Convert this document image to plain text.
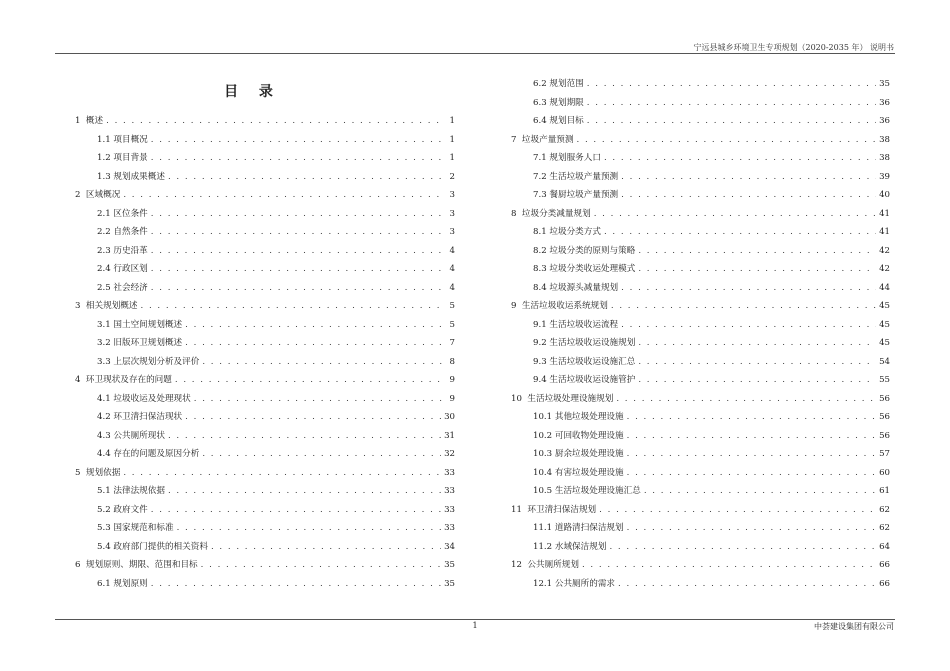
宁远县城乡环境卫生专项规划（2020-2035 年） 说明书
目 录
1  概述 . . .	1
1.1 项目概况 . . .	1
1.2 项目背景 . . .	1
1.3 规划成果概述 . . .	2
2  区域概况 . . .	3
2.1 区位条件 . . .	3
2.2 自然条件 . . .	3
2.3 历史沿革 . . .	4
2.4 行政区划 . . .	4
2.5 社会经济 . . .	4
3  相关规划概述 . . .	5
3.1 国土空间规划概述 . . .	5
3.2 旧版环卫规划概述 . . .	7
3.3 上层次规划分析及评价 . . .	8
4  环卫现状及存在的问题 . . .	9
4.1 垃圾收运及处理现状 . . .	9
4.2 环卫清扫保洁现状 . . .	30
4.3 公共厕所现状 . . .	31
4.4 存在的问题及原因分析 . . .	32
5  规划依据 . . .	33
5.1 法律法规依据 . . .	33
5.2 政府文件 . . .	33
5.3 国家规范和标准 . . .	33
5.4 政府部门提供的相关资料 . . .	34
6  规划原则、期限、范围和目标 . . .	35
6.1 规划原则 . . .	35
6.2 规划范围 . . .	35
6.3 规划期限 . . .	36
6.4 规划目标 . . .	36
7  垃圾产量预测 . . .	38
7.1 规划服务人口 . . .	38
7.2 生活垃圾产量预测 . . .	39
7.3 餐厨垃圾产量预测 . . .	40
8  垃圾分类减量规划 . . .	41
8.1 垃圾分类方式 . . .	41
8.2 垃圾分类的原则与策略 . . .	42
8.3 垃圾分类收运处理模式 . . .	42
8.4 垃圾源头减量规划 . . .	44
9  生活垃圾收运系统规划 . . .	45
9.1 生活垃圾收运流程 . . .	45
9.2 生活垃圾收运设施规划 . . .	45
9.3 生活垃圾收运设施汇总 . . .	54
9.4 生活垃圾收运设施管护 . . .	55
10  生活垃圾处理设施规划 . . .	56
10.1 其他垃圾处理设施 . . .	56
10.2 可回收物处理设施 . . .	56
10.3 厨余垃圾处理设施 . . .	57
10.4 有害垃圾处理设施 . . .	60
10.5 生活垃圾处理设施汇总 . . .	61
11  环卫清扫保洁规划 . . .	62
11.1 道路清扫保洁规划 . . .	62
11.2 水域保洁规划 . . .	64
12  公共厕所规划 . . .	66
12.1 公共厕所的需求 . . .	66
1	中荟建设集团有限公司
